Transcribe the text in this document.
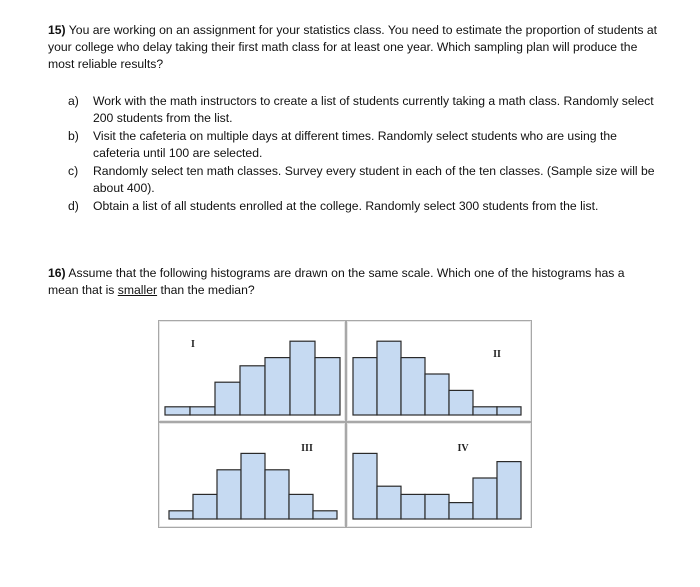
15) You are working on an assignment for your statistics class. You need to estimate the proportion of students at your college who delay taking their first math class for at least one year. Which sampling plan will produce the most reliable results?
a)	Work with the math instructors to create a list of students currently taking a math class. Randomly select 200 students from the list.
b)	Visit the cafeteria on multiple days at different times. Randomly select students who are using the cafeteria until 100 are selected.
c)	Randomly select ten math classes. Survey every student in each of the ten classes. (Sample size will be about 400).
d)	Obtain a list of all students enrolled at the college. Randomly select 300 students from the list.
16) Assume that the following histograms are drawn on the same scale. Which one of the histograms has a mean that is smaller than the median?
I
II
III	IV
